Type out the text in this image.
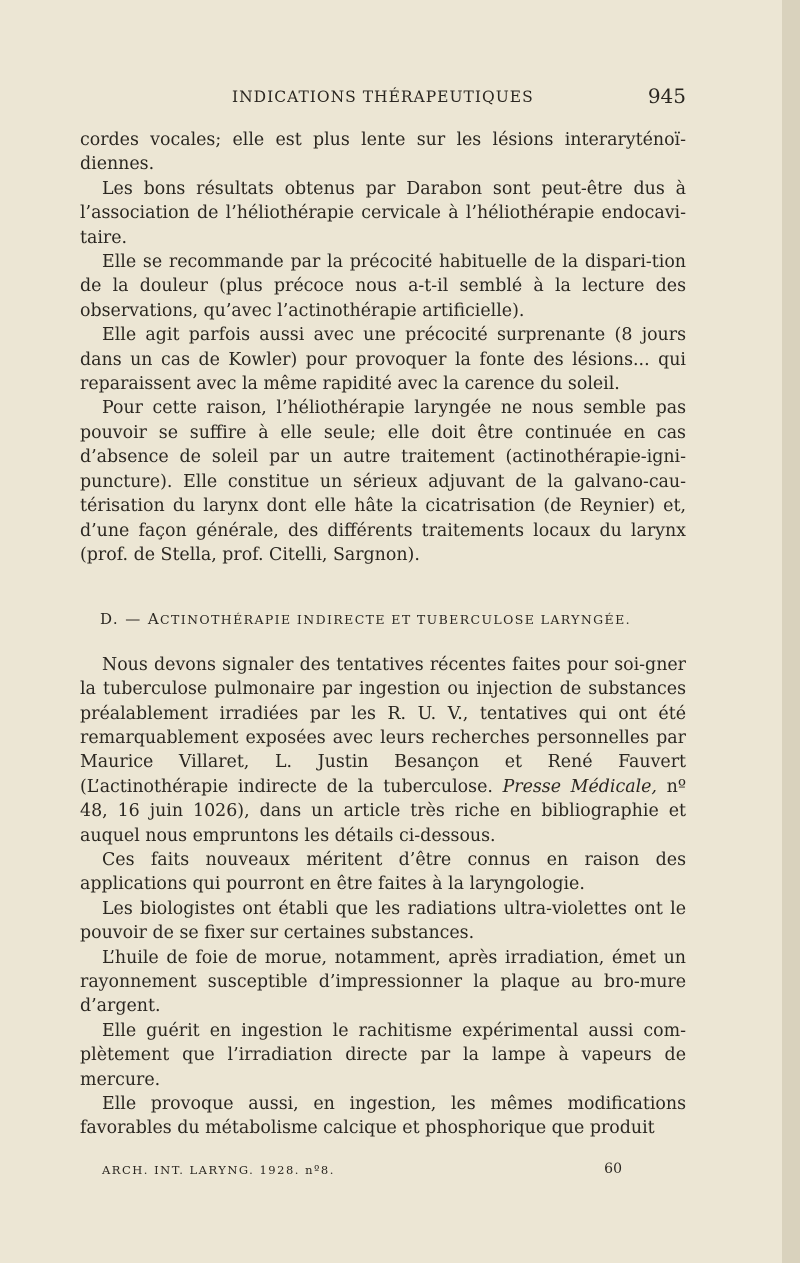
INDICATIONS THÉRAPEUTIQUES	945

cordes vocales; elle est plus lente sur les lésions interaryténoï-diennes.

Les bons résultats obtenus par Darabon sont peut-être dus à l’association de l’héliothérapie cervicale à l’héliothérapie endocavi-taire.

Elle se recommande par la précocité habituelle de la dispari-tion de la douleur (plus précoce nous a-t-il semblé à la lecture des observations, qu’avec l’actinothérapie artificielle).

Elle agit parfois aussi avec une précocité surprenante (8 jours dans un cas de Kowler) pour provoquer la fonte des lésions... qui reparaissent avec la même rapidité avec la carence du soleil.

Pour cette raison, l’héliothérapie laryngée ne nous semble pas pouvoir se suffire à elle seule; elle doit être continuée en cas d’absence de soleil par un autre traitement (actinothérapie-igni-puncture). Elle constitue un sérieux adjuvant de la galvano-cau-térisation du larynx dont elle hâte la cicatrisation (de Reynier) et, d’une façon générale, des différents traitements locaux du larynx (prof. de Stella, prof. Citelli, Sargnon).

D. — ACTINOTHÉRAPIE INDIRECTE ET TUBERCULOSE LARYNGÉE.

Nous devons signaler des tentatives récentes faites pour soi-gner la tuberculose pulmonaire par ingestion ou injection de substances préalablement irradiées par les R. U. V., tentatives qui ont été remarquablement exposées avec leurs recherches personnelles par Maurice Villaret, L. Justin Besançon et René Fauvert (L’actinothérapie indirecte de la tuberculose. Presse Médicale, nº 48, 16 juin 1026), dans un article très riche en bibliographie et auquel nous empruntons les détails ci-dessous.

Ces faits nouveaux méritent d’être connus en raison des applications qui pourront en être faites à la laryngologie.

Les biologistes ont établi que les radiations ultra-violettes ont le pouvoir de se fixer sur certaines substances.

L’huile de foie de morue, notamment, après irradiation, émet un rayonnement susceptible d’impressionner la plaque au bro-mure d’argent.

Elle guérit en ingestion le rachitisme expérimental aussi com-plètement que l’irradiation directe par la lampe à vapeurs de mercure.

Elle provoque aussi, en ingestion, les mêmes modifications favorables du métabolisme calcique et phosphorique que produit

ARCH. INT. LARYNG. 1928. nº8.	60
